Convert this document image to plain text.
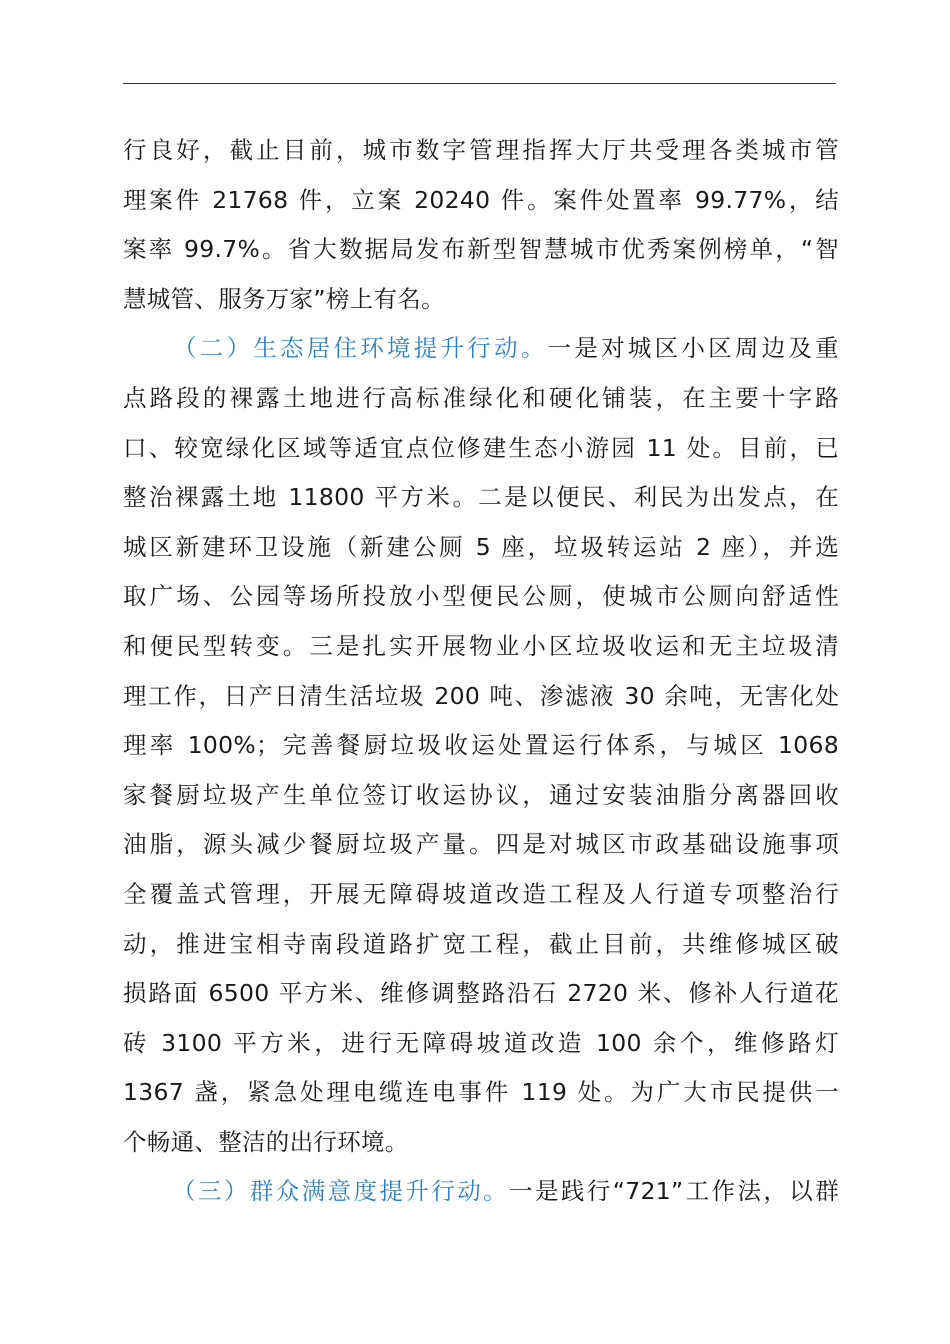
行良好，截止目前，城市数字管理指挥大厅共受理各类城市管
理案件 21768 件，立案 20240 件。案件处置率 99.77%，结
案率 99.7%。省大数据局发布新型智慧城市优秀案例榜单，“智
慧城管、服务万家”榜上有名。
（二）生态居住环境提升行动。一是对城区小区周边及重
点路段的裸露土地进行高标准绿化和硬化铺装，在主要十字路
口、较宽绿化区域等适宜点位修建生态小游园 11 处。目前，已
整治裸露土地 11800 平方米。二是以便民、利民为出发点，在
城区新建环卫设施（新建公厕 5 座，垃圾转运站 2 座），并选
取广场、公园等场所投放小型便民公厕，使城市公厕向舒适性
和便民型转变。三是扎实开展物业小区垃圾收运和无主垃圾清
理工作，日产日清生活垃圾 200 吨、渗滤液 30 余吨，无害化处
理率 100%；完善餐厨垃圾收运处置运行体系，与城区 1068
家餐厨垃圾产生单位签订收运协议，通过安装油脂分离器回收
油脂，源头减少餐厨垃圾产量。四是对城区市政基础设施事项
全覆盖式管理，开展无障碍坡道改造工程及人行道专项整治行
动，推进宝相寺南段道路扩宽工程，截止目前，共维修城区破
损路面 6500 平方米、维修调整路沿石 2720 米、修补人行道花
砖 3100 平方米，进行无障碍坡道改造 100 余个，维修路灯
1367 盏，紧急处理电缆连电事件 119 处。为广大市民提供一
个畅通、整洁的出行环境。
（三）群众满意度提升行动。一是践行“721”工作法，以群
